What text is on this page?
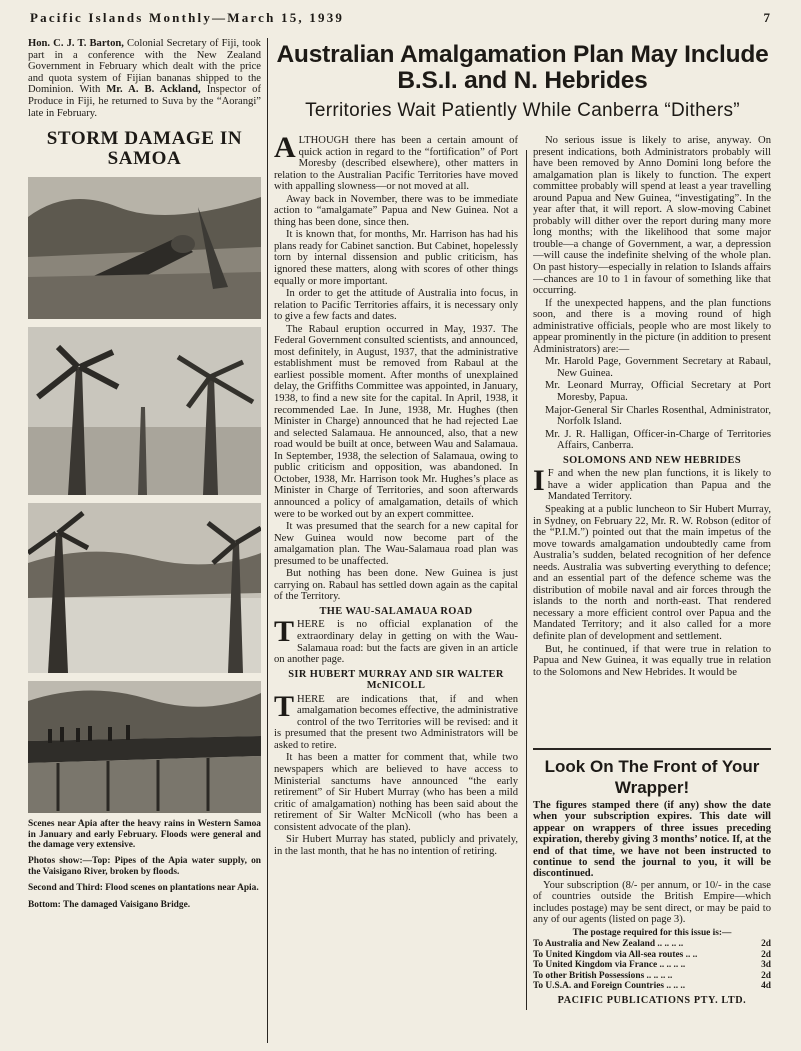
Pacific Islands Monthly—March 15, 1939	7
Hon. C. J. T. Barton, Colonial Secretary of Fiji, took part in a conference with the New Zealand Government in February which dealt with the price and quota system of Fijian bananas shipped to the Dominion. With Mr. A. B. Ackland, Inspector of Produce in Fiji, he returned to Suva by the “Aorangi” late in February.
STORM DAMAGE IN SAMOA

Scenes near Apia after the heavy rains in Western Samoa in January and early February. Floods were general and the damage very extensive.

Photos show:—Top: Pipes of the Apia water supply, on the Vaisigano River, broken by floods.

Second and Third: Flood scenes on plantations near Apia.

Bottom: The damaged Vaisigano Bridge.

Australian Amalgamation Plan May Include B.S.I. and N. Hebrides
Territories Wait Patiently While Canberra “Dithers”

ALTHOUGH there has been a certain amount of quick action in regard to the “fortification” of Port Moresby (described elsewhere), other matters in relation to the Australian Pacific Territories have moved with appalling slowness—or not moved at all.

Away back in November, there was to be immediate action to “amalgamate” Papua and New Guinea. Not a thing has been done, since then.

It is known that, for months, Mr. Harrison has had his plans ready for Cabinet sanction. But Cabinet, hopelessly torn by internal dissension and public criticism, has ignored these matters, along with scores of other things equally or more important.

In order to get the attitude of Australia into focus, in relation to Pacific Territories affairs, it is necessary only to give a few facts and dates.

The Rabaul eruption occurred in May, 1937. The Federal Government consulted scientists, and announced, most definitely, in August, 1937, that the administrative establishment must be removed from Rabaul at the earliest possible moment. After months of unexplained delay, the Griffiths Committee was appointed, in January, 1938, to find a new site for the capital. In April, 1938, it recommended Lae. In June, 1938, Mr. Hughes (then Minister in Charge) announced that he had rejected Lae and selected Salamaua. He announced, also, that a new road would be built at once, between Wau and Salamaua. In September, 1938, the selection of Salamaua, owing to public criticism and opposition, was abandoned. In October, 1938, Mr. Harrison took Mr. Hughes’s place as Minister in Charge of Territories, and soon afterwards announced a policy of amalgamation, details of which were to be worked out by an expert committee.

It was presumed that the search for a new capital for New Guinea would now become part of the amalgamation plan. The Wau-Salamaua road plan was presumed to be unaffected.

But nothing has been done. New Guinea is just carrying on. Rabaul has settled down again as the capital of the Territory.

THE WAU-SALAMAUA ROAD

THERE is no official explanation of the extraordinary delay in getting on with the Wau-Salamaua road: but the facts are given in an article on another page.

SIR HUBERT MURRAY AND SIR WALTER McNICOLL

THERE are indications that, if and when amalgamation becomes effective, the administrative control of the two Territories will be revised: and it is presumed that the present two Administrators will be asked to retire.

It has been a matter for comment that, while two newspapers which are believed to have access to Ministerial sanctums have announced “the early retirement” of Sir Hubert Murray (who has been a mild critic of amalgamation) nothing has been said about the retirement of Sir Walter McNicoll (who has been a consistent advocate of the plan).

Sir Hubert Murray has stated, publicly and privately, in the last month, that he has no intention of retiring.

No serious issue is likely to arise, anyway. On present indications, both Administrators probably will have been removed by Anno Domini long before the amalgamation plan is likely to function. The expert committee probably will spend at least a year travelling around Papua and New Guinea, “investigating”. In the year after that, it will report. A slow-moving Cabinet probably will dither over the report during many more long months; with the likelihood that some major trouble—a change of Government, a war, a depression—will cause the indefinite shelving of the whole plan. On past history—especially in relation to Islands affairs—chances are 10 to 1 in favour of something like that occurring.

If the unexpected happens, and the plan functions soon, and there is a moving round of high administrative officials, people who are most likely to appear prominently in the picture (in addition to present Administrators) are:—

Mr. Harold Page, Government Secretary at Rabaul, New Guinea.

Mr. Leonard Murray, Official Secretary at Port Moresby, Papua.

Major-General Sir Charles Rosenthal, Administrator, Norfolk Island.

Mr. J. R. Halligan, Officer-in-Charge of Territories Affairs, Canberra.

SOLOMONS AND NEW HEBRIDES

I F and when the new plan functions, it is likely to have a wider application than Papua and the Mandated Territory.

Speaking at a public luncheon to Sir Hubert Murray, in Sydney, on February 22, Mr. R. W. Robson (editor of the “P.I.M.”) pointed out that the main impetus of the move towards amalgamation undoubtedly came from Australia’s sudden, belated recognition of her defence needs. Australia was subverting everything to defence; and an essential part of the defence scheme was the distribution of mobile naval and air forces through the islands to the north and north-east. That rendered necessary a more efficient control over Papua and the Mandated Territory; and it also called for a more definite plan of development and settlement.

But, he continued, if that were true in relation to Papua and New Guinea, it was equally true in relation to the Solomons and New Hebrides. It would be

Look On The Front of Your Wrapper!

The figures stamped there (if any) show the date when your subscription expires. This date will appear on wrappers of three issues preceding expiration, thereby giving 3 months’ notice. If, at the end of that time, we have not been instructed to continue to send the journal to you, it will be discontinued.

Your subscription (8/- per annum, or 10/- in the case of countries outside the British Empire—which includes postage) may be sent direct, or may be paid to any of our agents (listed on page 3).

The postage required for this issue is:—
To Australia and New Zealand .. .. .. ..	2d
To United Kingdom via All-sea routes .. ..	2d
To United Kingdom via France .. .. .. ..	3d
To other British Possessions .. .. .. ..	2d
To U.S.A. and Foreign Countries .. .. ..	4d
PACIFIC PUBLICATIONS PTY. LTD.
